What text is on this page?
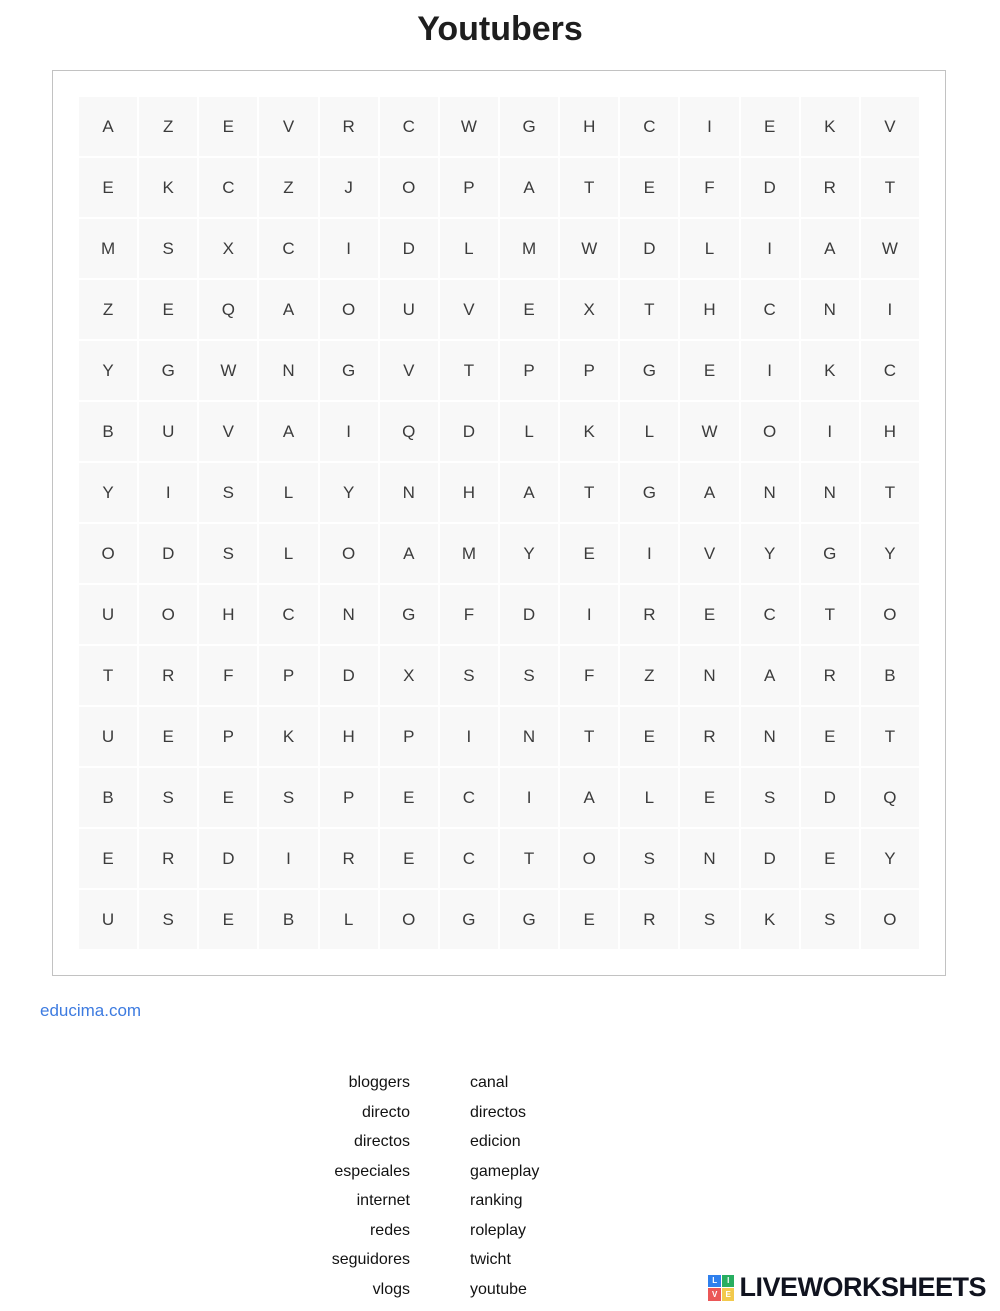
Youtubers
A	Z	E	V	R	C	W	G	H	C	I	E	K	V
E	K	C	Z	J	O	P	A	T	E	F	D	R	T
M	S	X	C	I	D	L	M	W	D	L	I	A	W
Z	E	Q	A	O	U	V	E	X	T	H	C	N	I
Y	G	W	N	G	V	T	P	P	G	E	I	K	C
B	U	V	A	I	Q	D	L	K	L	W	O	I	H
Y	I	S	L	Y	N	H	A	T	G	A	N	N	T
O	D	S	L	O	A	M	Y	E	I	V	Y	G	Y
U	O	H	C	N	G	F	D	I	R	E	C	T	O
T	R	F	P	D	X	S	S	F	Z	N	A	R	B
U	E	P	K	H	P	I	N	T	E	R	N	E	T
B	S	E	S	P	E	C	I	A	L	E	S	D	Q
E	R	D	I	R	E	C	T	O	S	N	D	E	Y
U	S	E	B	L	O	G	G	E	R	S	K	S	O
educima.com
bloggers
directo
directos
especiales
internet
redes
seguidores
vlogs
canal
directos
edicion
gameplay
ranking
roleplay
twicht
youtube	L	I
V	E LIVEWORKSHEETS
